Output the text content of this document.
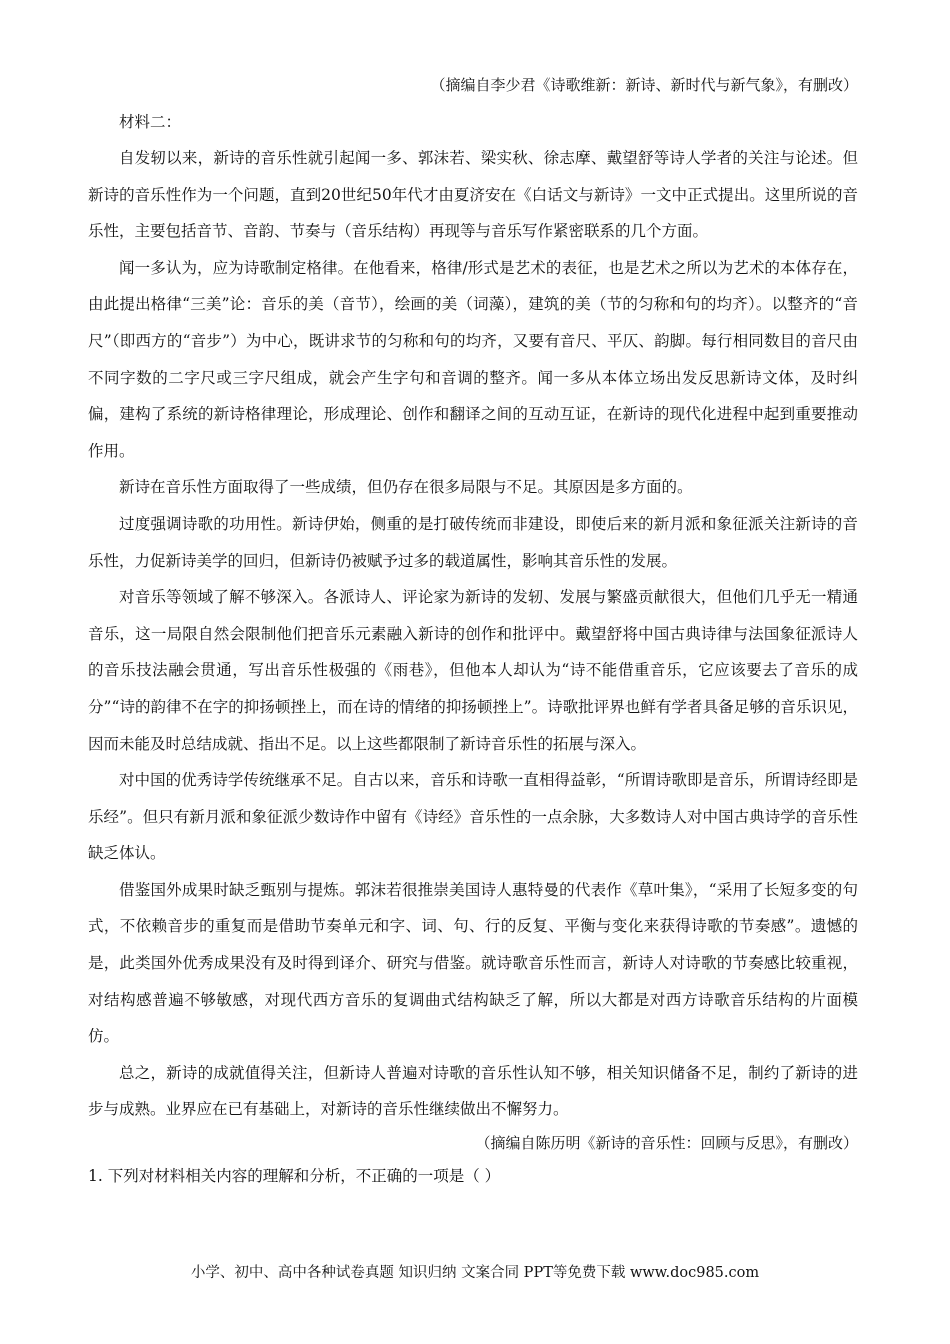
（摘编自李少君《诗歌维新：新诗、新时代与新气象》，有删改）

材料二：

自发轫以来，新诗的音乐性就引起闻一多、郭沫若、梁实秋、徐志摩、戴望舒等诗人学者的关注与论述。但新诗的音乐性作为一个问题，直到20世纪50年代才由夏济安在《白话文与新诗》一文中正式提出。这里所说的音乐性，主要包括音节、音韵、节奏与（音乐结构）再现等与音乐写作紧密联系的几个方面。

闻一多认为，应为诗歌制定格律。在他看来，格律/形式是艺术的表征，也是艺术之所以为艺术的本体存在，由此提出格律“三美”论：音乐的美（音节），绘画的美（词藻），建筑的美（节的匀称和句的均齐）。以整齐的“音尺”（即西方的“音步”）为中心，既讲求节的匀称和句的均齐，又要有音尺、平仄、韵脚。每行相同数目的音尺由不同字数的二字尺或三字尺组成，就会产生字句和音调的整齐。闻一多从本体立场出发反思新诗文体，及时纠偏，建构了系统的新诗格律理论，形成理论、创作和翻译之间的互动互证，在新诗的现代化进程中起到重要推动作用。

新诗在音乐性方面取得了一些成绩，但仍存在很多局限与不足。其原因是多方面的。

过度强调诗歌的功用性。新诗伊始，侧重的是打破传统而非建设，即使后来的新月派和象征派关注新诗的音乐性，力促新诗美学的回归，但新诗仍被赋予过多的载道属性，影响其音乐性的发展。

对音乐等领域了解不够深入。各派诗人、评论家为新诗的发轫、发展与繁盛贡献很大，但他们几乎无一精通音乐，这一局限自然会限制他们把音乐元素融入新诗的创作和批评中。戴望舒将中国古典诗律与法国象征派诗人的音乐技法融会贯通，写出音乐性极强的《雨巷》，但他本人却认为“诗不能借重音乐，它应该要去了音乐的成分”“诗的韵律不在字的抑扬顿挫上，而在诗的情绪的抑扬顿挫上”。诗歌批评界也鲜有学者具备足够的音乐识见，因而未能及时总结成就、指出不足。以上这些都限制了新诗音乐性的拓展与深入。

对中国的优秀诗学传统继承不足。自古以来，音乐和诗歌一直相得益彰，“所谓诗歌即是音乐，所谓诗经即是乐经”。但只有新月派和象征派少数诗作中留有《诗经》音乐性的一点余脉，大多数诗人对中国古典诗学的音乐性缺乏体认。

借鉴国外成果时缺乏甄别与提炼。郭沫若很推崇美国诗人惠特曼的代表作《草叶集》，“采用了长短多变的句式，不依赖音步的重复而是借助节奏单元和字、词、句、行的反复、平衡与变化来获得诗歌的节奏感”。遗憾的是，此类国外优秀成果没有及时得到译介、研究与借鉴。就诗歌音乐性而言，新诗人对诗歌的节奏感比较重视，对结构感普遍不够敏感，对现代西方音乐的复调曲式结构缺乏了解，所以大都是对西方诗歌音乐结构的片面模仿。

总之，新诗的成就值得关注，但新诗人普遍对诗歌的音乐性认知不够，相关知识储备不足，制约了新诗的进步与成熟。业界应在已有基础上，对新诗的音乐性继续做出不懈努力。

（摘编自陈历明《新诗的音乐性：回顾与反思》，有删改）

1. 下列对材料相关内容的理解和分析，不正确的一项是（ ）

小学、初中、高中各种试卷真题 知识归纳 文案合同 PPT等免费下载 www.doc985.com
